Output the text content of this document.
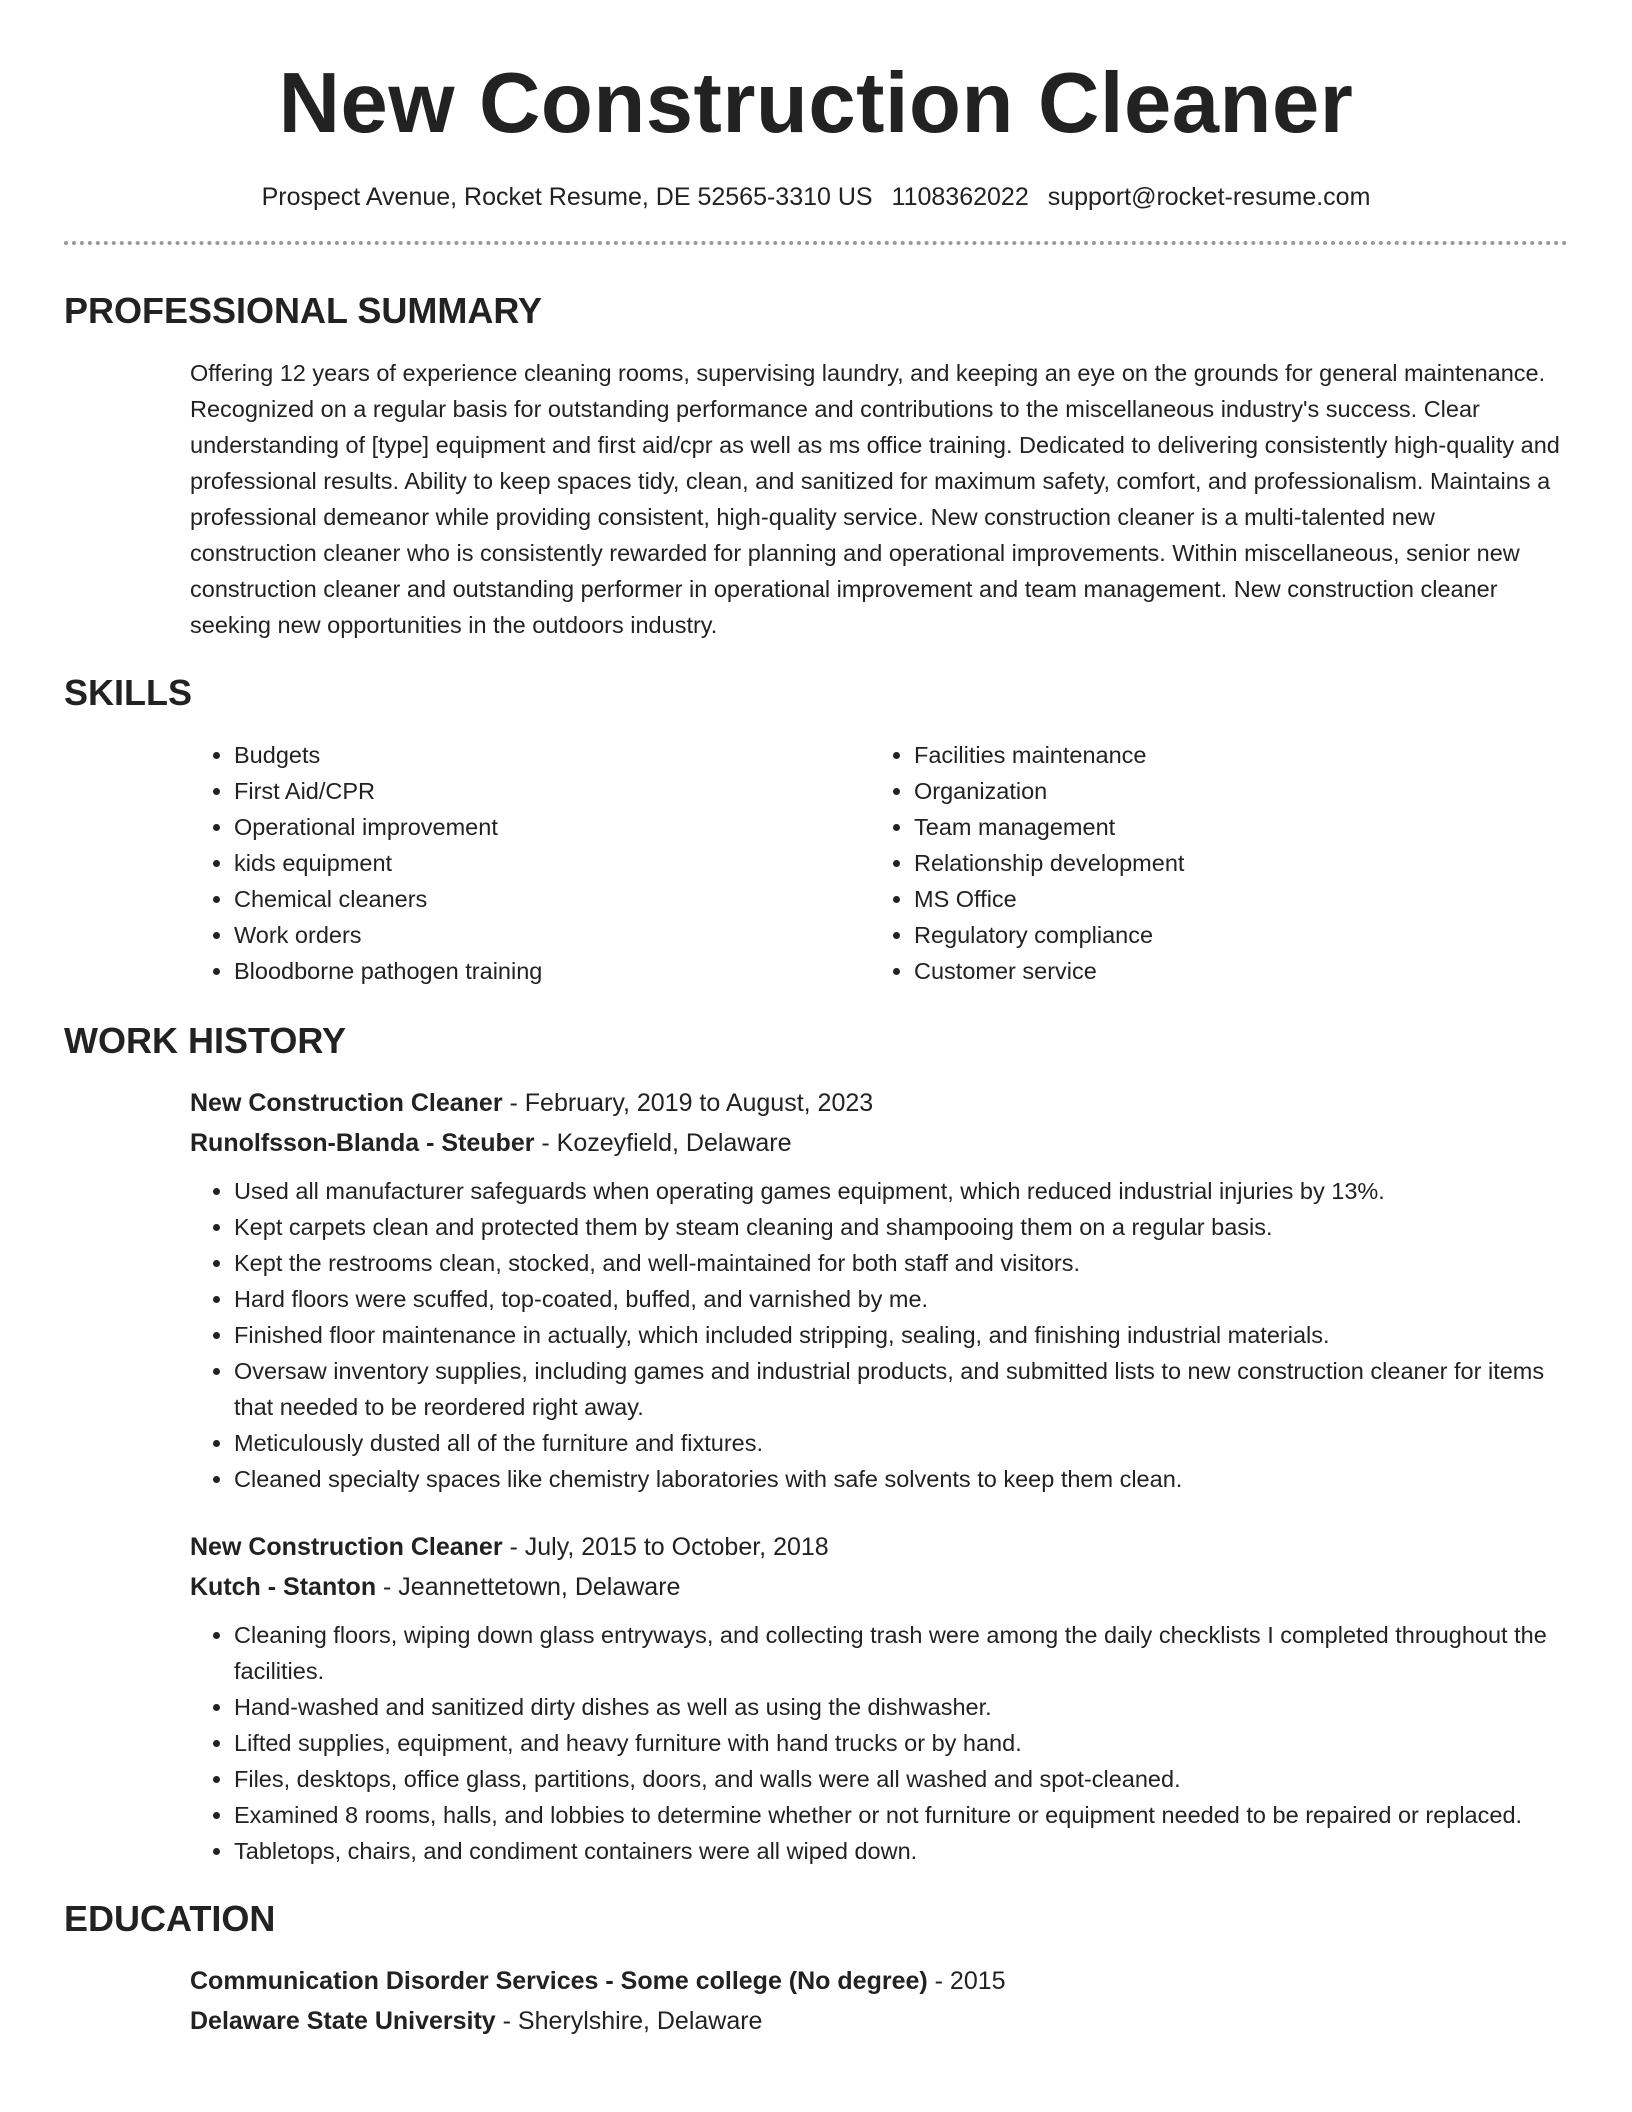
New Construction Cleaner
Prospect Avenue, Rocket Resume, DE 52565-3310 US 1108362022 support@rocket-resume.com
PROFESSIONAL SUMMARY
Offering 12 years of experience cleaning rooms, supervising laundry, and keeping an eye on the grounds for general maintenance. Recognized on a regular basis for outstanding performance and contributions to the miscellaneous industry's success. Clear understanding of [type] equipment and first aid/cpr as well as ms office training. Dedicated to delivering consistently high-quality and professional results. Ability to keep spaces tidy, clean, and sanitized for maximum safety, comfort, and professionalism. Maintains a professional demeanor while providing consistent, high-quality service. New construction cleaner is a multi-talented new construction cleaner who is consistently rewarded for planning and operational improvements. Within miscellaneous, senior new construction cleaner and outstanding performer in operational improvement and team management. New construction cleaner seeking new opportunities in the outdoors industry.
SKILLS
• Budgets
• First Aid/CPR
• Operational improvement
• kids equipment
• Chemical cleaners
• Work orders
• Bloodborne pathogen training
• Facilities maintenance
• Organization
• Team management
• Relationship development
• MS Office
• Regulatory compliance
• Customer service
WORK HISTORY
New Construction Cleaner - February, 2019 to August, 2023
Runolfsson-Blanda - Steuber - Kozeyfield, Delaware
• Used all manufacturer safeguards when operating games equipment, which reduced industrial injuries by 13%.
• Kept carpets clean and protected them by steam cleaning and shampooing them on a regular basis.
• Kept the restrooms clean, stocked, and well-maintained for both staff and visitors.
• Hard floors were scuffed, top-coated, buffed, and varnished by me.
• Finished floor maintenance in actually, which included stripping, sealing, and finishing industrial materials.
• Oversaw inventory supplies, including games and industrial products, and submitted lists to new construction cleaner for items that needed to be reordered right away.
• Meticulously dusted all of the furniture and fixtures.
• Cleaned specialty spaces like chemistry laboratories with safe solvents to keep them clean.
New Construction Cleaner - July, 2015 to October, 2018
Kutch - Stanton - Jeannettetown, Delaware
• Cleaning floors, wiping down glass entryways, and collecting trash were among the daily checklists I completed throughout the facilities.
• Hand-washed and sanitized dirty dishes as well as using the dishwasher.
• Lifted supplies, equipment, and heavy furniture with hand trucks or by hand.
• Files, desktops, office glass, partitions, doors, and walls were all washed and spot-cleaned.
• Examined 8 rooms, halls, and lobbies to determine whether or not furniture or equipment needed to be repaired or replaced.
• Tabletops, chairs, and condiment containers were all wiped down.
EDUCATION
Communication Disorder Services - Some college (No degree) - 2015
Delaware State University - Sherylshire, Delaware
